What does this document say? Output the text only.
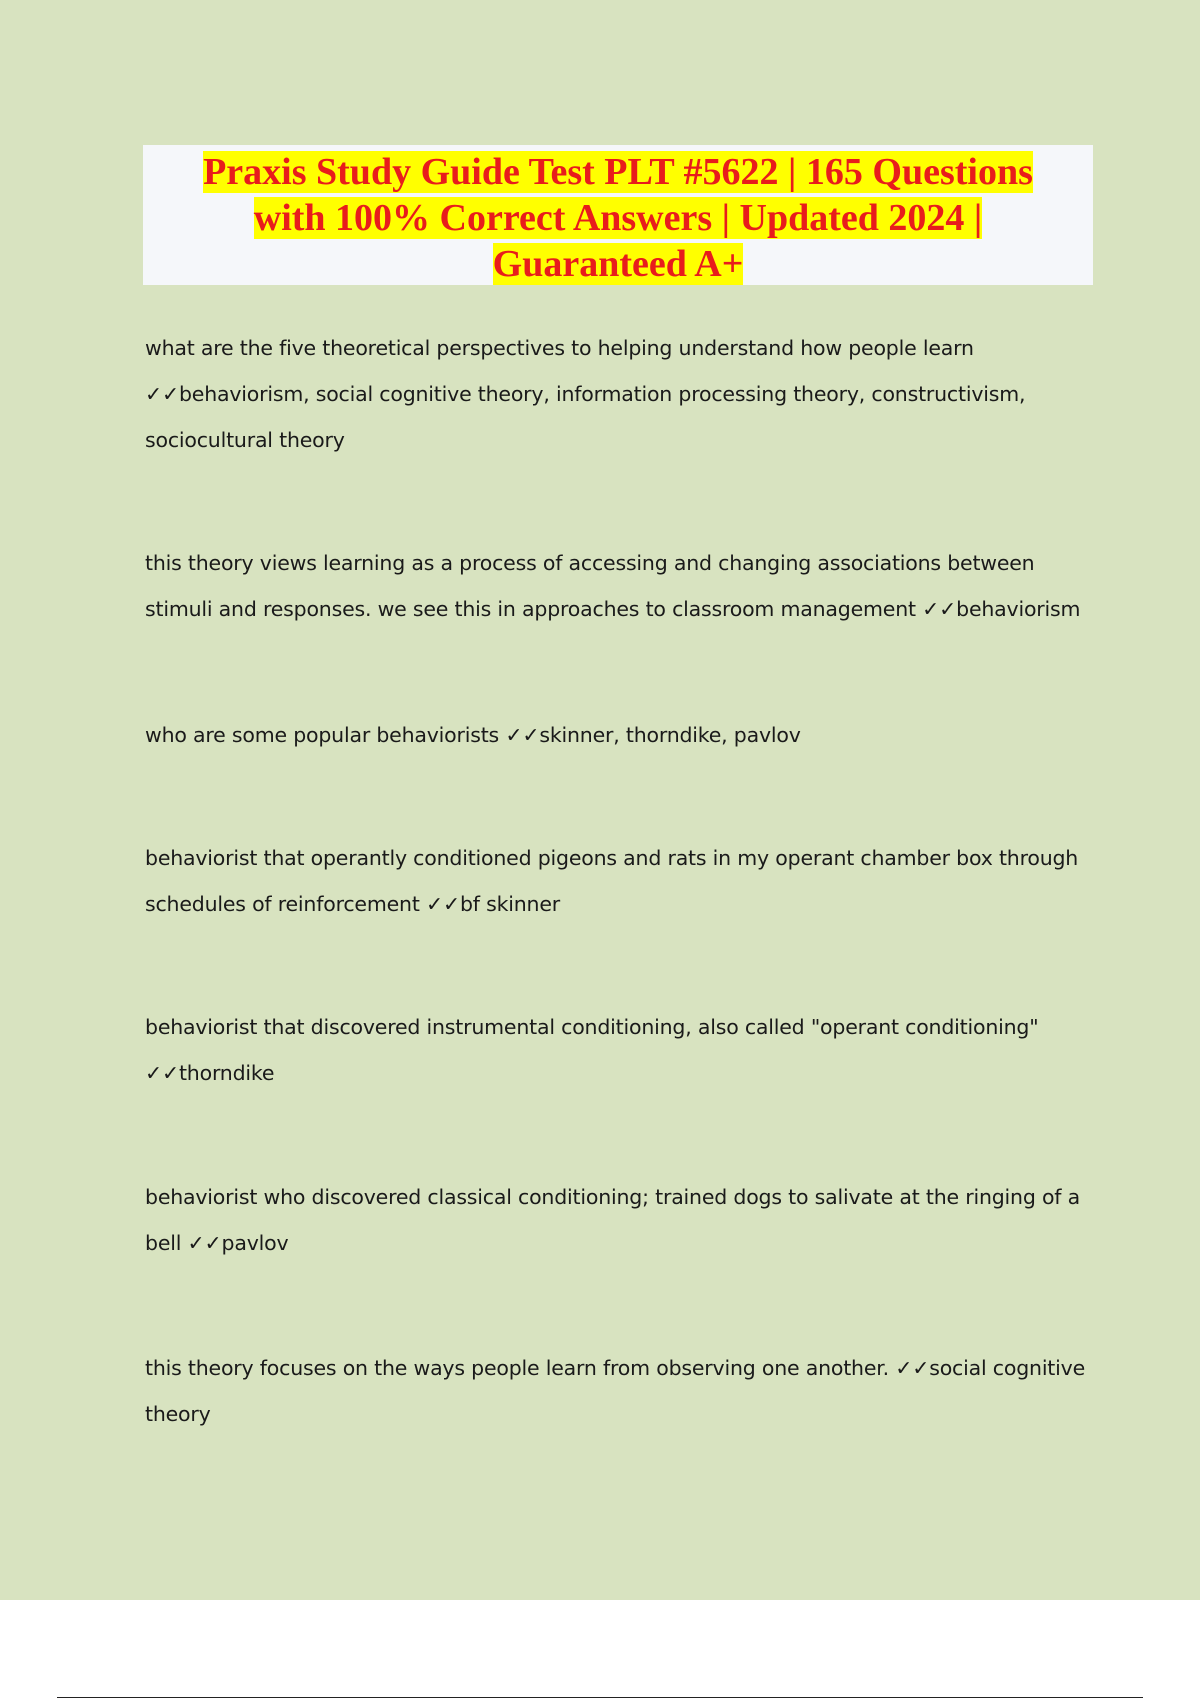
Praxis Study Guide Test PLT #5622 | 165 Questions
with 100% Correct Answers | Updated 2024 |
Guaranteed A+

what are the five theoretical perspectives to helping understand how people learn
✓✓behaviorism, social cognitive theory, information processing theory, constructivism, sociocultural theory

this theory views learning as a process of accessing and changing associations between stimuli and responses. we see this in approaches to classroom management ✓✓behaviorism

who are some popular behaviorists ✓✓skinner, thorndike, pavlov

behaviorist that operantly conditioned pigeons and rats in my operant chamber box through schedules of reinforcement ✓✓bf skinner

behaviorist that discovered instrumental conditioning, also called "operant conditioning"
✓✓thorndike

behaviorist who discovered classical conditioning; trained dogs to salivate at the ringing of a bell ✓✓pavlov

this theory focuses on the ways people learn from observing one another. ✓✓social cognitive theory
